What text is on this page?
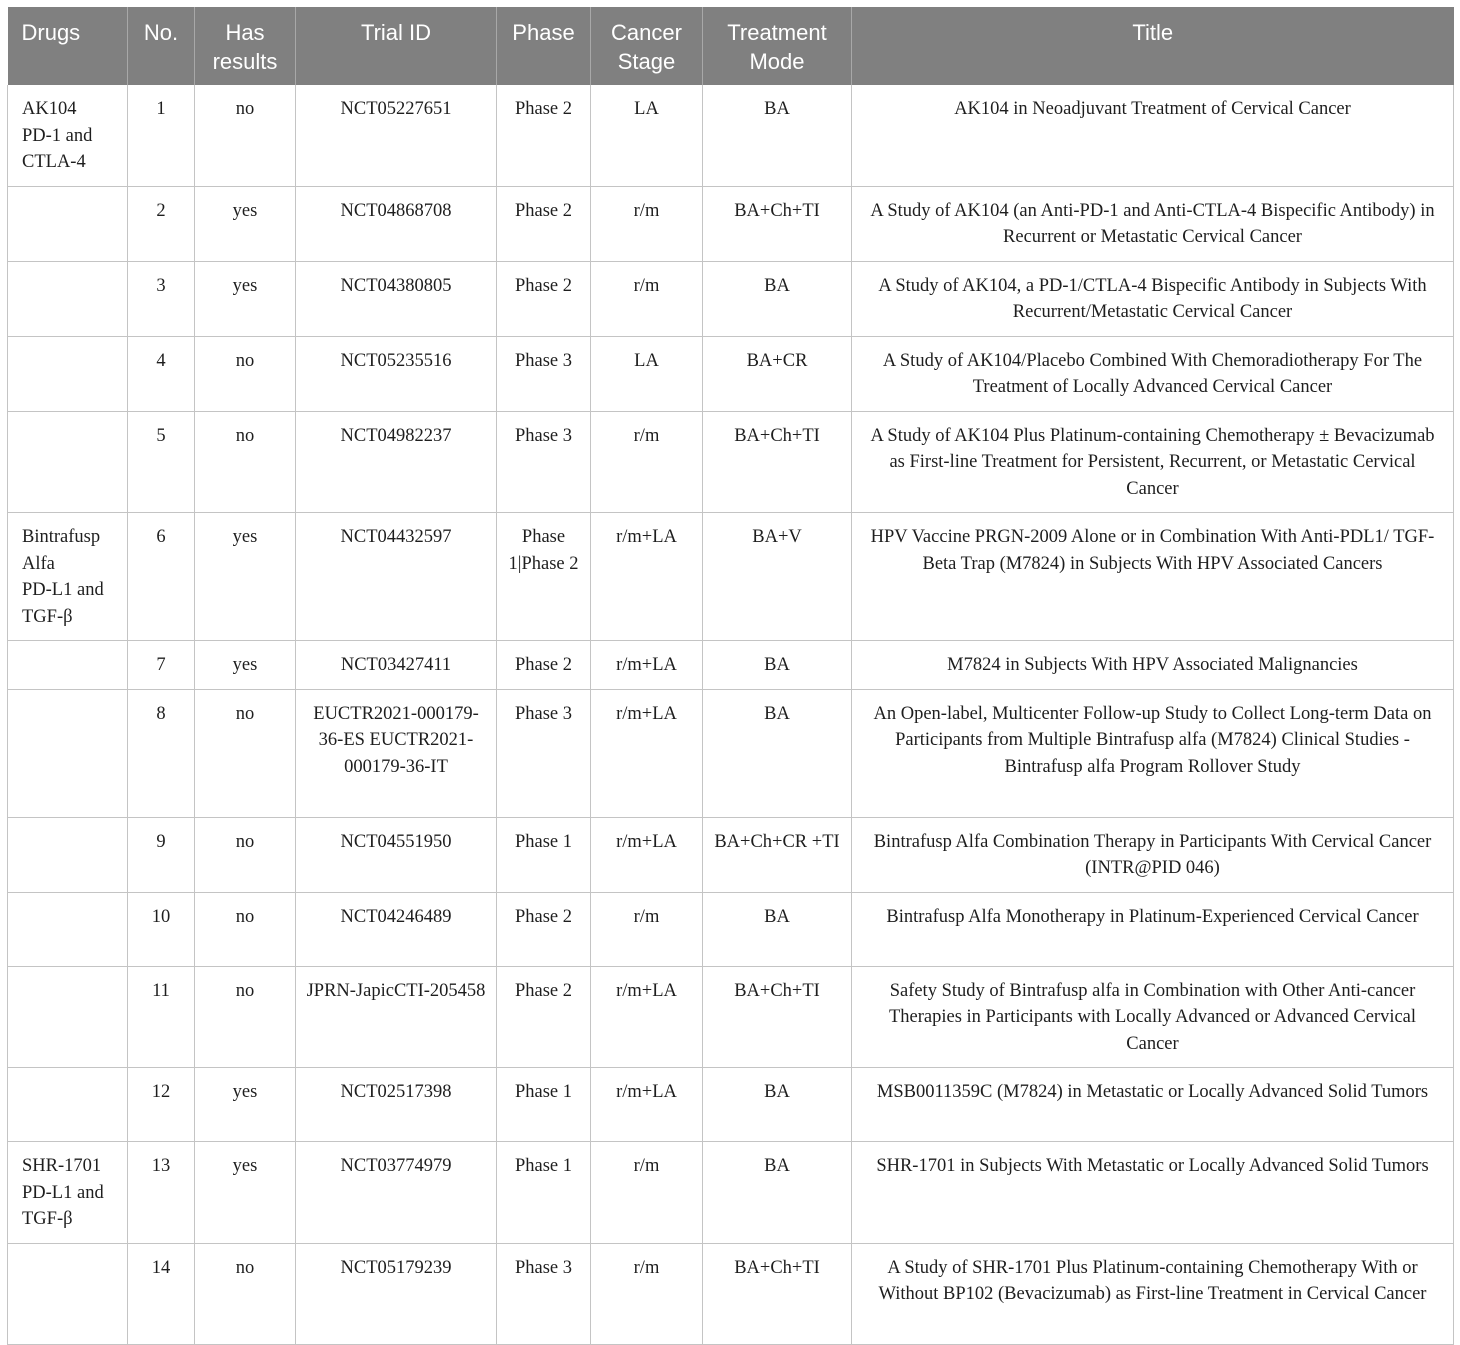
Drugs	No.	Has results	Trial ID	Phase	Cancer Stage	Treatment Mode	Title
AK104
PD-1 and
CTLA-4	1	no	NCT05227651	Phase 2	LA	BA	AK104 in Neoadjuvant Treatment of Cervical Cancer
	2	yes	NCT04868708	Phase 2	r/m	BA+Ch+TI	A Study of AK104 (an Anti-PD-1 and Anti-CTLA-4 Bispecific Antibody) in Recurrent or Metastatic Cervical Cancer
	3	yes	NCT04380805	Phase 2	r/m	BA	A Study of AK104, a PD-1/CTLA-4 Bispecific Antibody in Subjects With Recurrent/Metastatic Cervical Cancer
	4	no	NCT05235516	Phase 3	LA	BA+CR	A Study of AK104/Placebo Combined With Chemoradiotherapy For The Treatment of Locally Advanced Cervical Cancer
	5	no	NCT04982237	Phase 3	r/m	BA+Ch+TI	A Study of AK104 Plus Platinum-containing Chemotherapy ± Bevacizumab as First-line Treatment for Persistent, Recurrent, or Metastatic Cervical Cancer
Bintrafusp
Alfa
PD-L1 and
TGF-β	6	yes	NCT04432597	Phase 1|Phase 2	r/m+LA	BA+V	HPV Vaccine PRGN-2009 Alone or in Combination With Anti-PDL1/ TGF-Beta Trap (M7824) in Subjects With HPV Associated Cancers
	7	yes	NCT03427411	Phase 2	r/m+LA	BA	M7824 in Subjects With HPV Associated Malignancies
	8	no	EUCTR2021-000179-36-ES EUCTR2021-000179-36-IT	Phase 3	r/m+LA	BA	An Open-label, Multicenter Follow-up Study to Collect Long-term Data on Participants from Multiple Bintrafusp alfa (M7824) Clinical Studies - Bintrafusp alfa Program Rollover Study
	9	no	NCT04551950	Phase 1	r/m+LA	BA+Ch+CR +TI	Bintrafusp Alfa Combination Therapy in Participants With Cervical Cancer (INTR@PID 046)
	10	no	NCT04246489	Phase 2	r/m	BA	Bintrafusp Alfa Monotherapy in Platinum-Experienced Cervical Cancer
	11	no	JPRN-JapicCTI-205458	Phase 2	r/m+LA	BA+Ch+TI	Safety Study of Bintrafusp alfa in Combination with Other Anti-cancer Therapies in Participants with Locally Advanced or Advanced Cervical Cancer
	12	yes	NCT02517398	Phase 1	r/m+LA	BA	MSB0011359C (M7824) in Metastatic or Locally Advanced Solid Tumors
SHR-1701
PD-L1 and
TGF-β	13	yes	NCT03774979	Phase 1	r/m	BA	SHR-1701 in Subjects With Metastatic or Locally Advanced Solid Tumors
	14	no	NCT05179239	Phase 3	r/m	BA+Ch+TI	A Study of SHR-1701 Plus Platinum-containing Chemotherapy With or Without BP102 (Bevacizumab) as First-line Treatment in Cervical Cancer
